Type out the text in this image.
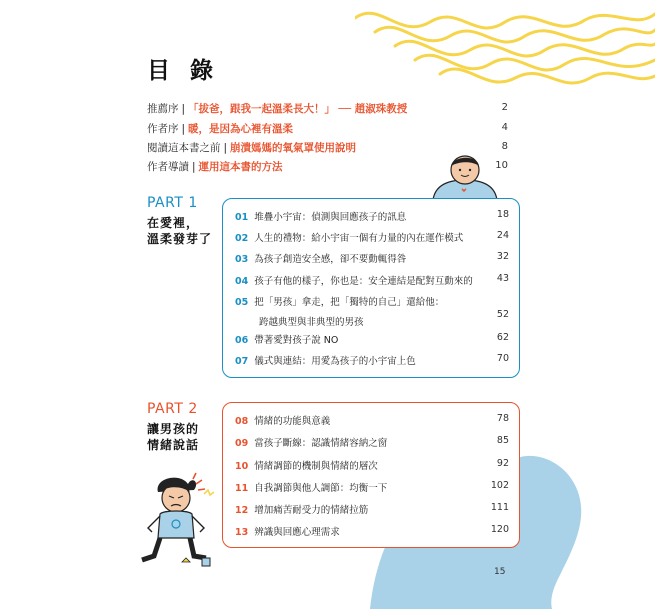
目 錄
推薦序 | 「拔爸，跟我一起溫柔長大！」 ── 趙淑珠教授	2
作者序 | 暖，是因為心裡有溫柔	4
閱讀這本書之前 | 崩潰媽媽的氧氣罩使用說明	8
作者導讀 | 運用這本書的方法	10
PART 1
在愛裡，
溫柔發芽了
01 堆疊小宇宙：偵測與回應孩子的訊息	18
02 人生的禮物：給小宇宙一個有力量的內在運作模式	24
03 為孩子創造安全感，卻不要動輒得咎	32
04 孩子有他的樣子，你也是：安全連結是配對互動來的	43
05 把「男孩」拿走，把「獨特的自己」還給他：
跨越典型與非典型的男孩
52
06 帶著愛對孩子說 NO	62
07 儀式與連結：用愛為孩子的小宇宙上色	70
PART 2
讓男孩的
情緒說話
08 情緒的功能與意義	78
09 當孩子斷線：認識情緒容納之窗	85
10 情緒調節的機制與情緒的層次	92
11 自我調節與他人調節：均衡一下	102
12 增加痛苦耐受力的情緒拉筋	111
13 辨識與回應心理需求	120
15
